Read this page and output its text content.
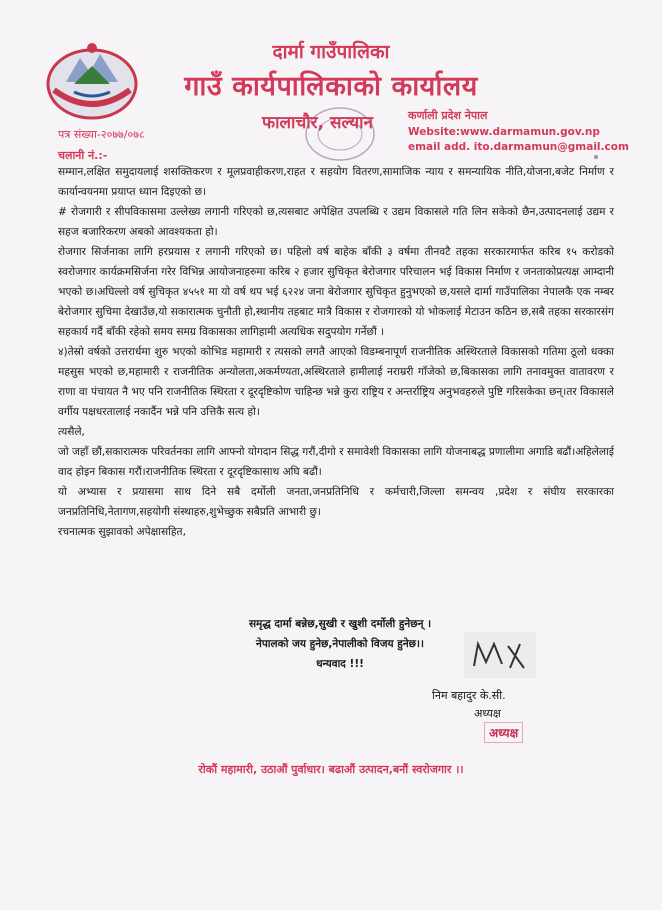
दार्मा गाउँपालिका
गाउँ कार्यपालिकाको कार्यालय
फालाचौर, सल्यान	कर्णाली प्रदेश नेपाल
Website:www.darmamun.gov.np
email add. ito.darmamun@gmail.com
पत्र संख्या-२०७७/०७८
चलानी नं.:-

सम्मान,लक्षित समुदायलाई शसक्तिकरण र मूलप्रवाहीकरण,राहत र सहयोग वितरण,सामाजिक न्याय र समन्यायिक नीति,योजना,बजेट निर्माण र कार्यान्वयनमा प्रयाप्त ध्यान दिइएको छ।

# रोजगारी र सीपविकासमा उल्लेख्य लगानी गरिएको छ,त्यसबाट अपेक्षित उपलब्धि र उद्यम विकासले गति लिन सकेको छैन,उत्पादनलाई उद्यम र सहज बजारिकरण अबको आवश्यकता हो।

रोजगार सिर्जनाका लागि हरप्रयास र लगानी गरिएको छ। पहिलो वर्ष बाहेक बाँकी ३ वर्षमा तीनवटै तहका सरकारमार्फत करिब १५ करोडको स्वरोजगार कार्यक्रमसिर्जना गरेर विभिन्न आयोजनाहरुमा करिब २ हजार सुचिकृत बेरोजगार परिचालन भई विकास निर्माण र जनताकोप्रत्यक्ष आम्दानी भएको छ।अघिल्लो वर्ष सुचिकृत ४५५१ मा यो वर्ष थप भई ६२२४ जना बेरोजगार सुचिकृत हुनुभएको छ,यसले दार्मा गाउँपालिका नेपालकै एक नम्बर बेरोजगार सुचिमा देखाउँछ,यो सकारात्मक चुनौती हो,स्थानीय तहबाट मात्रै विकास र रोजगारको यो भोकलाई मेटाउन कठिन छ,सबै तहका सरकारसंग सहकार्य गर्दै बाँकी रहेको समय समग्र विकासका लागिहामी अत्यधिक सदुपयोग गर्नेछौं ।

४)तेस्रो वर्षको उत्तरार्धमा शुरु भएको कोभिड महामारी र त्यसको लगतै आएको विडम्बनापूर्ण राजनीतिक अस्थिरताले विकासको गतिमा ठूलो धक्का महसुस भएको छ,महामारी र राजनीतिक अन्योलता,अकर्मण्यता,अस्थिरताले हामीलाई नराम्ररी गाँजेको छ,बिकासका लागि तनावमुक्त वातावरण र राणा वा पंचायत नै भए पनि राजनीतिक स्थिरता र दूरदृष्टिकोण चाहिन्छ भन्ने कुरा राष्ट्रिय र अन्तर्राष्ट्रिय अनुभवहरुले पुष्टि गरिसकेका छन्।तर विकासले वर्गीय पक्षधरतालाई नकार्दैन भन्ने पनि उत्तिकै सत्य हो।

त्यसैले,

जो जहाँ छौं,सकारात्मक परिवर्तनका लागि आफ्नो योगदान सिद्ध गरौं,दीगो र समावेशी विकासका लागि योजनाबद्ध प्रणालीमा अगाडि बढौं।अहिलेलाई वाद होइन बिकास गरौं।राजनीतिक स्थिरता र दूरदृष्टिकासाथ अघि बढौं।

यो अभ्यास र प्रयासमा साथ दिने सबै दर्मोली जनता,जनप्रतिनिधि र कर्मचारी,जिल्ला समन्वय ,प्रदेश र संघीय सरकारका जनप्रतिनिधि,नेतागण,सहयोगी संस्थाहरु,शुभेच्छुक सबैप्रति आभारी छु।

रचनात्मक सुझावको अपेक्षासहित,

समृद्ध दार्मा बन्नेछ,सुखी र खुशी दर्मोली हुनेछन् ।
नेपालको जय हुनेछ,नेपालीको विजय हुनेछ।।
धन्यवाद !!!
निम बहादुर के.सी.
अध्यक्ष
अध्यक्ष
रोकौं महामारी, उठाऔं पुर्वाधार। बढाऔं उत्पादन,बनौं स्वरोजगार ।।
